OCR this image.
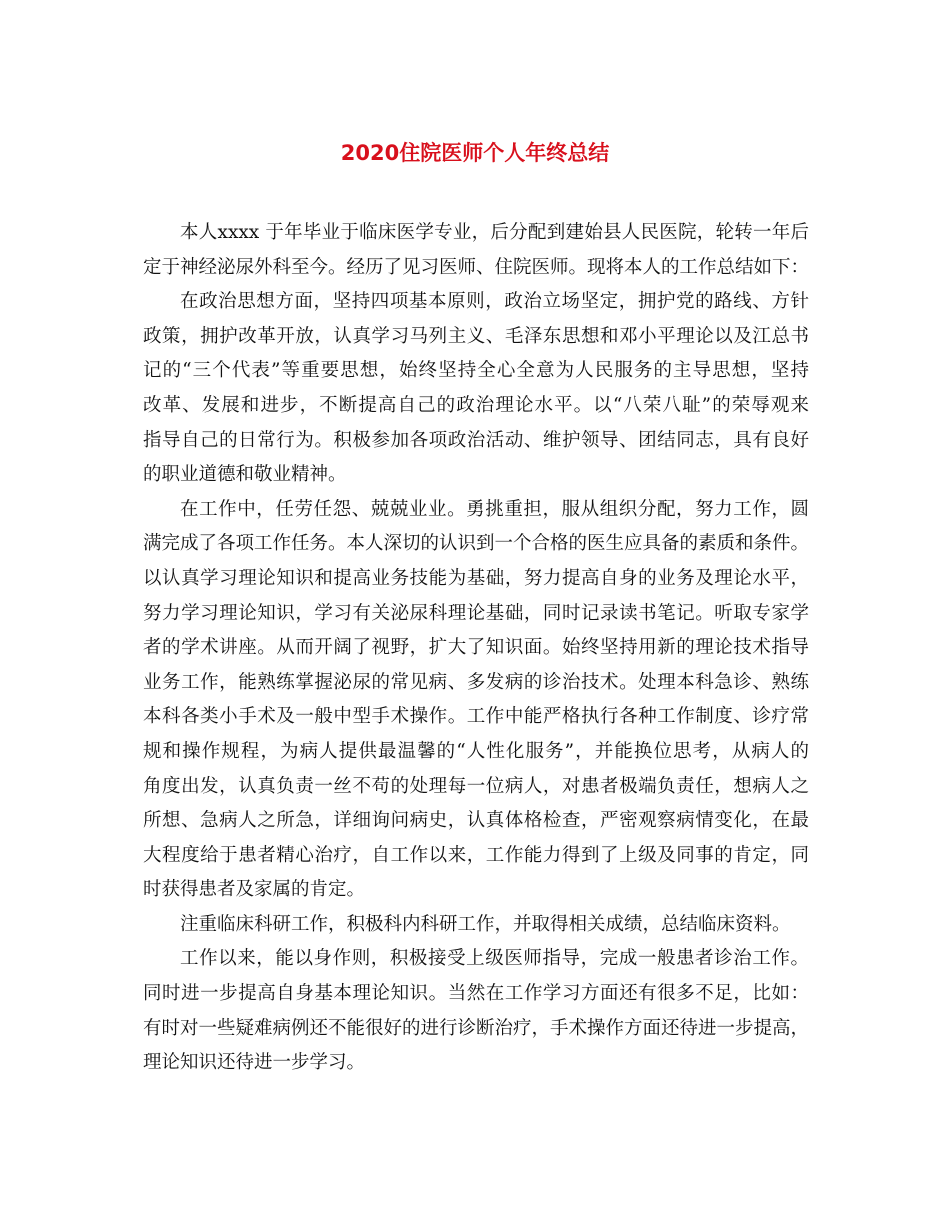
2020住院医师个人年终总结

本人xxxx 于年毕业于临床医学专业，后分配到建始县人民医院，轮转一年后
定于神经泌尿外科至今。经历了见习医师、住院医师。现将本人的工作总结如下：

在政治思想方面，坚持四项基本原则，政治立场坚定，拥护党的路线、方针
政策，拥护改革开放，认真学习马列主义、毛泽东思想和邓小平理论以及江总书
记的“三个代表”等重要思想，始终坚持全心全意为人民服务的主导思想，坚持
改革、发展和进步，不断提高自己的政治理论水平。以“八荣八耻”的荣辱观来
指导自己的日常行为。积极参加各项政治活动、维护领导、团结同志，具有良好
的职业道德和敬业精神。

在工作中，任劳任怨、兢兢业业。勇挑重担，服从组织分配，努力工作，圆
满完成了各项工作任务。本人深切的认识到一个合格的医生应具备的素质和条件。
以认真学习理论知识和提高业务技能为基础，努力提高自身的业务及理论水平，
努力学习理论知识，学习有关泌尿科理论基础，同时记录读书笔记。听取专家学
者的学术讲座。从而开阔了视野，扩大了知识面。始终坚持用新的理论技术指导
业务工作，能熟练掌握泌尿的常见病、多发病的诊治技术。处理本科急诊、熟练
本科各类小手术及一般中型手术操作。工作中能严格执行各种工作制度、诊疗常
规和操作规程，为病人提供最温馨的“人性化服务”，并能换位思考，从病人的
角度出发，认真负责一丝不苟的处理每一位病人，对患者极端负责任，想病人之
所想、急病人之所急，详细询问病史，认真体格检查，严密观察病情变化，在最
大程度给于患者精心治疗，自工作以来，工作能力得到了上级及同事的肯定，同
时获得患者及家属的肯定。

注重临床科研工作，积极科内科研工作，并取得相关成绩，总结临床资料。

工作以来，能以身作则，积极接受上级医师指导，完成一般患者诊治工作。
同时进一步提高自身基本理论知识。当然在工作学习方面还有很多不足，比如：
有时对一些疑难病例还不能很好的进行诊断治疗，手术操作方面还待进一步提高，
理论知识还待进一步学习。
